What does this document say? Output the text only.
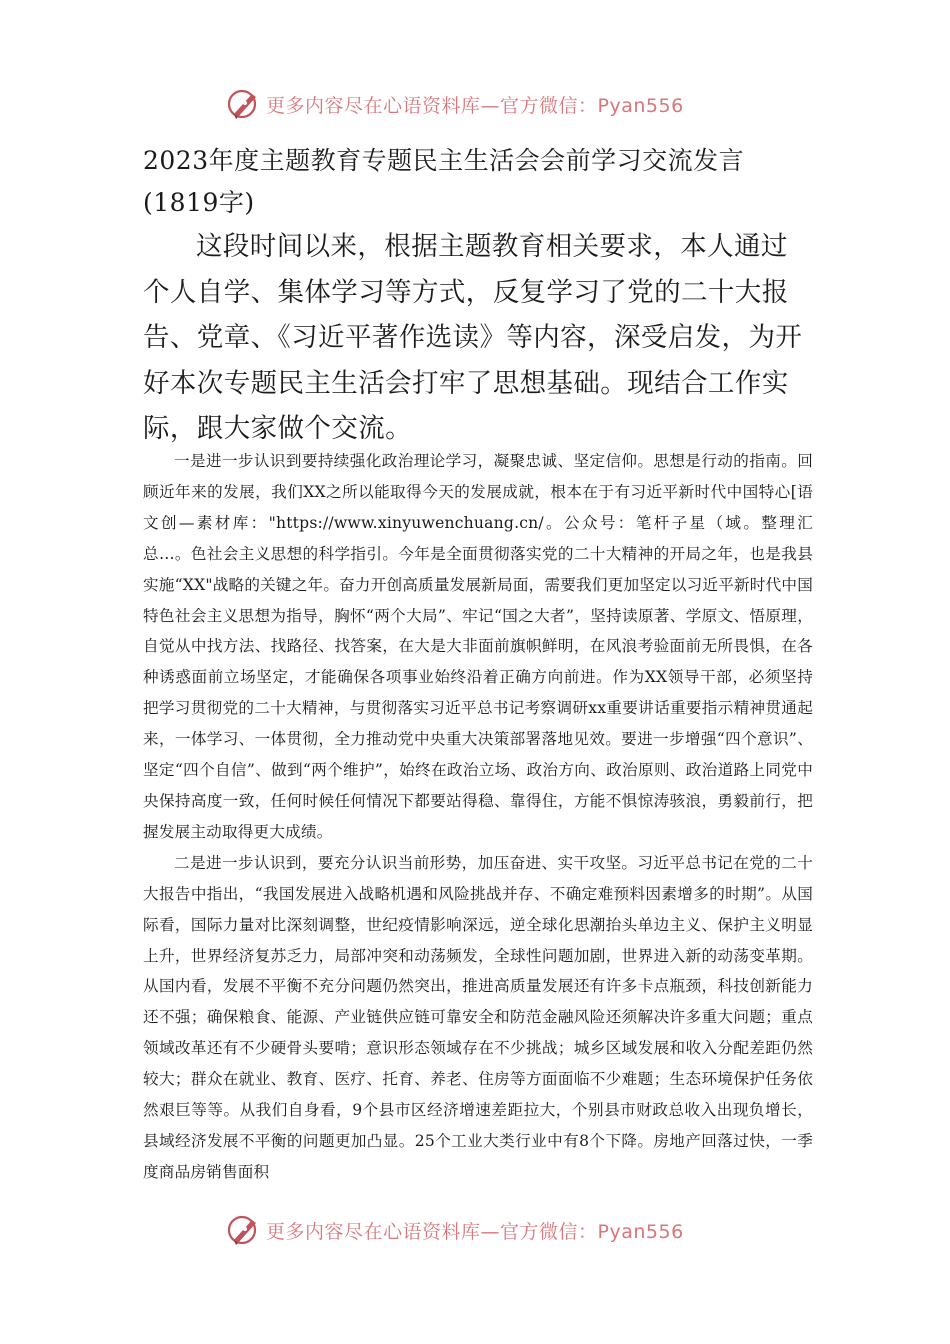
更多内容尽在心语资料库—官方微信：Pyan556
2023年度主题教育专题民主生活会会前学习交流发言(1819字)

这段时间以来，根据主题教育相关要求，本人通过个人自学、集体学习等方式，反复学习了党的二十大报告、党章、《习近平著作选读》等内容，深受启发，为开好本次专题民主生活会打牢了思想基础。现结合工作实际，跟大家做个交流。

一是进一步认识到要持续强化政治理论学习，凝聚忠诚、坚定信仰。思想是行动的指南。回顾近年来的发展，我们XX之所以能取得今天的发展成就，根本在于有习近平新时代中国特心[语文创—素材库："https://www.xinyuwenchuang.cn/。公众号：笔杆子星（域。整理汇总…。色社会主义思想的科学指引。今年是全面贯彻落实党的二十大精神的开局之年，也是我县实施“XX"战略的关键之年。奋力开创高质量发展新局面，需要我们更加坚定以习近平新时代中国特色社会主义思想为指导，胸怀“两个大局”、牢记“国之大者”，坚持读原著、学原文、悟原理，自觉从中找方法、找路径、找答案，在大是大非面前旗帜鲜明，在风浪考验面前无所畏惧，在各种诱惑面前立场坚定，才能确保各项事业始终沿着正确方向前进。作为XX领导干部，必须坚持把学习贯彻党的二十大精神，与贯彻落实习近平总书记考察调研xx重要讲话重要指示精神贯通起来，一体学习、一体贯彻，全力推动党中央重大决策部署落地见效。要进一步增强“四个意识”、坚定“四个自信”、做到“两个维护”，始终在政治立场、政治方向、政治原则、政治道路上同党中央保持高度一致，任何时候任何情况下都要站得稳、靠得住，方能不惧惊涛骇浪，勇毅前行，把握发展主动取得更大成绩。

二是进一步认识到，要充分认识当前形势，加压奋进、实干攻坚。习近平总书记在党的二十大报告中指出，“我国发展进入战略机遇和风险挑战并存、不确定难预料因素增多的时期”。从国际看，国际力量对比深刻调整，世纪疫情影响深远，逆全球化思潮抬头单边主义、保护主义明显上升，世界经济复苏乏力，局部冲突和动荡频发，全球性问题加剧，世界进入新的动荡变革期。从国内看，发展不平衡不充分问题仍然突出，推进高质量发展还有许多卡点瓶颈，科技创新能力还不强；确保粮食、能源、产业链供应链可靠安全和防范金融风险还须解决许多重大问题；重点领域改革还有不少硬骨头要啃；意识形态领域存在不少挑战；城乡区域发展和收入分配差距仍然较大；群众在就业、教育、医疗、托育、养老、住房等方面面临不少难题；生态环境保护任务依然艰巨等等。从我们自身看，9个县市区经济增速差距拉大，个别县市财政总收入出现负增长，县域经济发展不平衡的问题更加凸显。25个工业大类行业中有8个下降。房地产回落过快，一季度商品房销售面积

更多内容尽在心语资料库—官方微信：Pyan556
